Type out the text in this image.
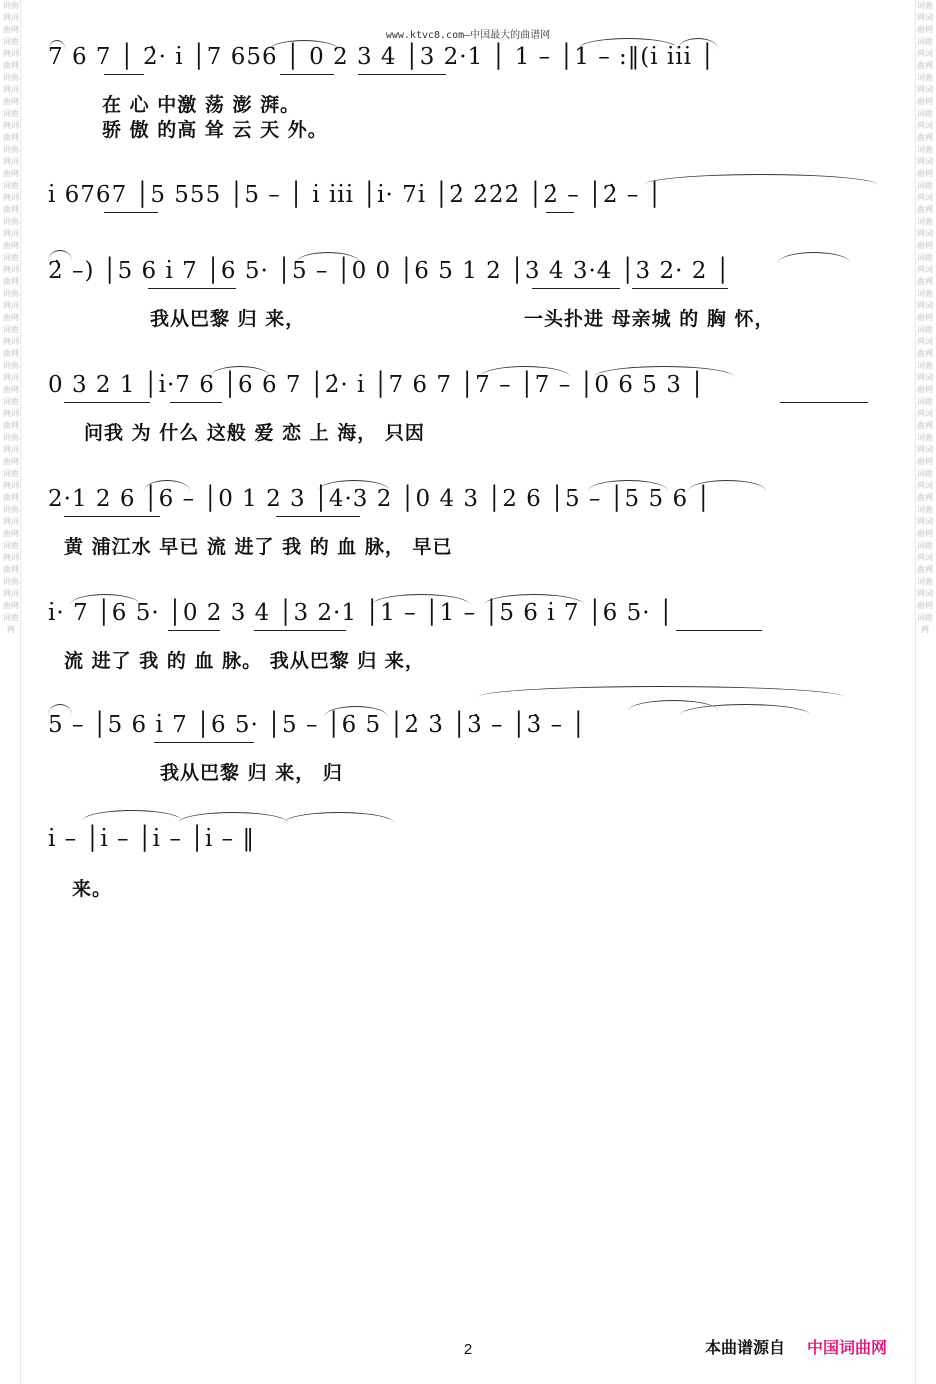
词曲网词曲网词曲网词曲网词曲网词曲网词曲网词曲网词曲网词曲网词曲网词曲网词曲网词曲网词曲网词曲网词曲网词曲网词曲网词曲网词曲网词曲网词曲网词曲网词曲网词曲网词曲网词曲网词曲网词曲网词曲网词曲网词曲网词曲网词曲网
词曲网词曲网词曲网词曲网词曲网词曲网词曲网词曲网词曲网词曲网词曲网词曲网词曲网词曲网词曲网词曲网词曲网词曲网词曲网词曲网词曲网词曲网词曲网词曲网词曲网词曲网词曲网词曲网词曲网词曲网词曲网词曲网词曲网词曲网词曲网
www.ktvc8.com—中国最大的曲谱网
7 6 7 │ 2̇· i̇ │7 656 │ 0 2 3 4 │3 2·1 │ 1 – │1 – :‖(i̇ i̇i̇i̇ │
在 心 中激 荡 澎 湃。
骄 傲 的高 耸 云 天 外。
i̇ 6767 │5 555 │5 – │ i̇ i̇i̇i̇ │i̇· 7i̇ │2̇ 2̇2̇2̇ │2̇ – │2̇ – │
2̇ –) │5 6 i̇ 7 │6 5· │5 – │0 0 │6 5 1 2 │3 4 3·4 │3 2· 2 │
我从巴黎 归 来，	一头扑进 母亲城 的 胸 怀，
0 3 2 1 │i̇·7 6 │6 6 7 │2̇· i̇ │7 6 7 │7 – │7 – │0 6 5 3 │
问我 为 什么 这般 爱 恋 上 海， 只因
2·1 2 6 │6 – │0 1 2 3 │4·3 2 │0 4 3 │2 6 │5 – │5 5 6 │
黄 浦江水 早已 流 进了 我 的 血 脉， 早已
i̇· 7 │6 5· │0 2 3 4 │3 2·1 │1 – │1 – │5 6 i̇ 7 │6 5· │
流 进了 我 的 血 脉。 我从巴黎 归 来，
5 – │5 6 i̇ 7 │6 5· │5 – │6 5 │2̇ 3̇ │3̇ – │3̇ – │
我从巴黎 归 来， 归
i̇ – │i̇ – │i̇ – │i̇ – ‖
来。
2	本曲谱源自 中国词曲网
